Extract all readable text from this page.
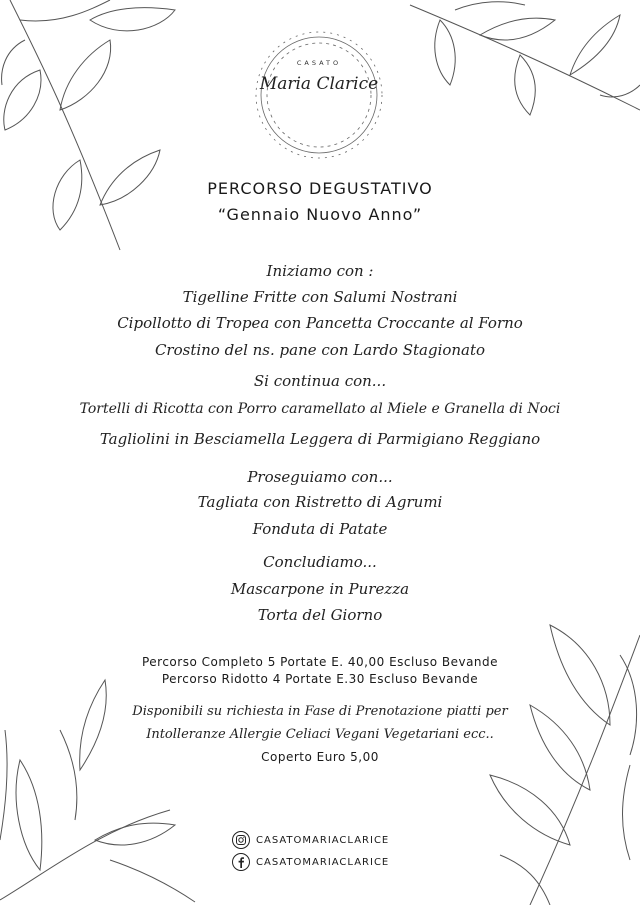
CASATO
Maria Clarice
PERCORSO DEGUSTATIVO
“Gennaio Nuovo Anno”
Iniziamo con :
Tigelline Fritte con Salumi Nostrani
Cipollotto di Tropea con Pancetta Croccante al Forno
Crostino del ns. pane con Lardo Stagionato
Si continua con...
Tortelli di Ricotta con Porro caramellato al Miele e Granella di Noci
Tagliolini in Besciamella Leggera di Parmigiano Reggiano
Proseguiamo con...
Tagliata con Ristretto di Agrumi
Fonduta di Patate
Concludiamo...
Mascarpone in Purezza
Torta del Giorno
Percorso Completo 5 Portate E. 40,00 Escluso Bevande
Percorso Ridotto 4 Portate E.30 Escluso Bevande
Disponibili su richiesta in Fase di Prenotazione piatti per
Intolleranze Allergie Celiaci Vegani Vegetariani ecc..
Coperto Euro 5,00
CASATOMARIACLARICE
CASATOMARIACLARICE
